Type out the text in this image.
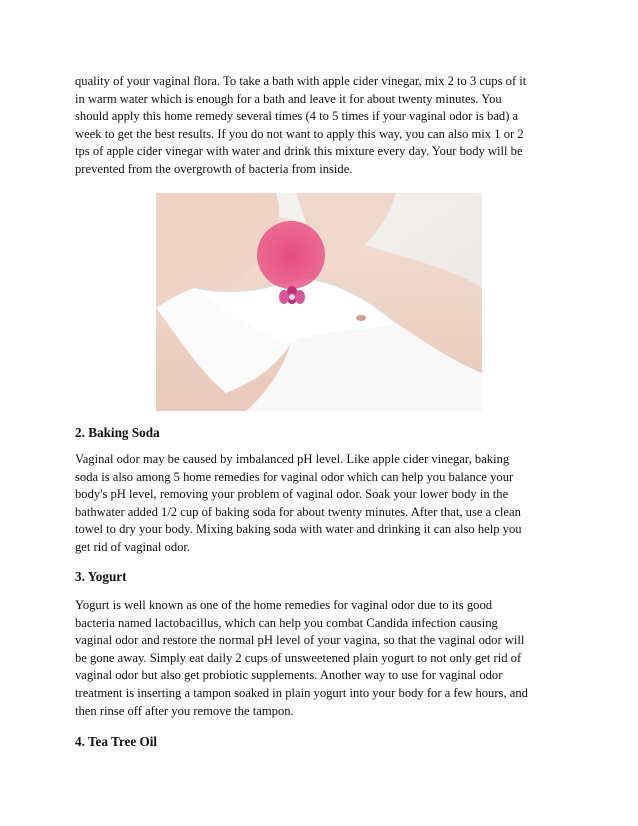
quality of your vaginal flora. To take a bath with apple cider vinegar, mix 2 to 3 cups of it
in warm water which is enough for a bath and leave it for about twenty minutes. You
should apply this home remedy several times (4 to 5 times if your vaginal odor is bad) a
week to get the best results. If you do not want to apply this way, you can also mix 1 or 2
tps of apple cider vinegar with water and drink this mixture every day. Your body will be
prevented from the overgrowth of bacteria from inside.

2. Baking Soda

Vaginal odor may be caused by imbalanced pH level. Like apple cider vinegar, baking
soda is also among 5 home remedies for vaginal odor which can help you balance your
body's pH level, removing your problem of vaginal odor. Soak your lower body in the
bathwater added 1/2 cup of baking soda for about twenty minutes. After that, use a clean
towel to dry your body. Mixing baking soda with water and drinking it can also help you
get rid of vaginal odor.

3. Yogurt

Yogurt is well known as one of the home remedies for vaginal odor due to its good
bacteria named lactobacillus, which can help you combat Candida infection causing
vaginal odor and restore the normal pH level of your vagina, so that the vaginal odor will
be gone away. Simply eat daily 2 cups of unsweetened plain yogurt to not only get rid of
vaginal odor but also get probiotic supplements. Another way to use for vaginal odor
treatment is inserting a tampon soaked in plain yogurt into your body for a few hours, and
then rinse off after you remove the tampon.

4. Tea Tree Oil
